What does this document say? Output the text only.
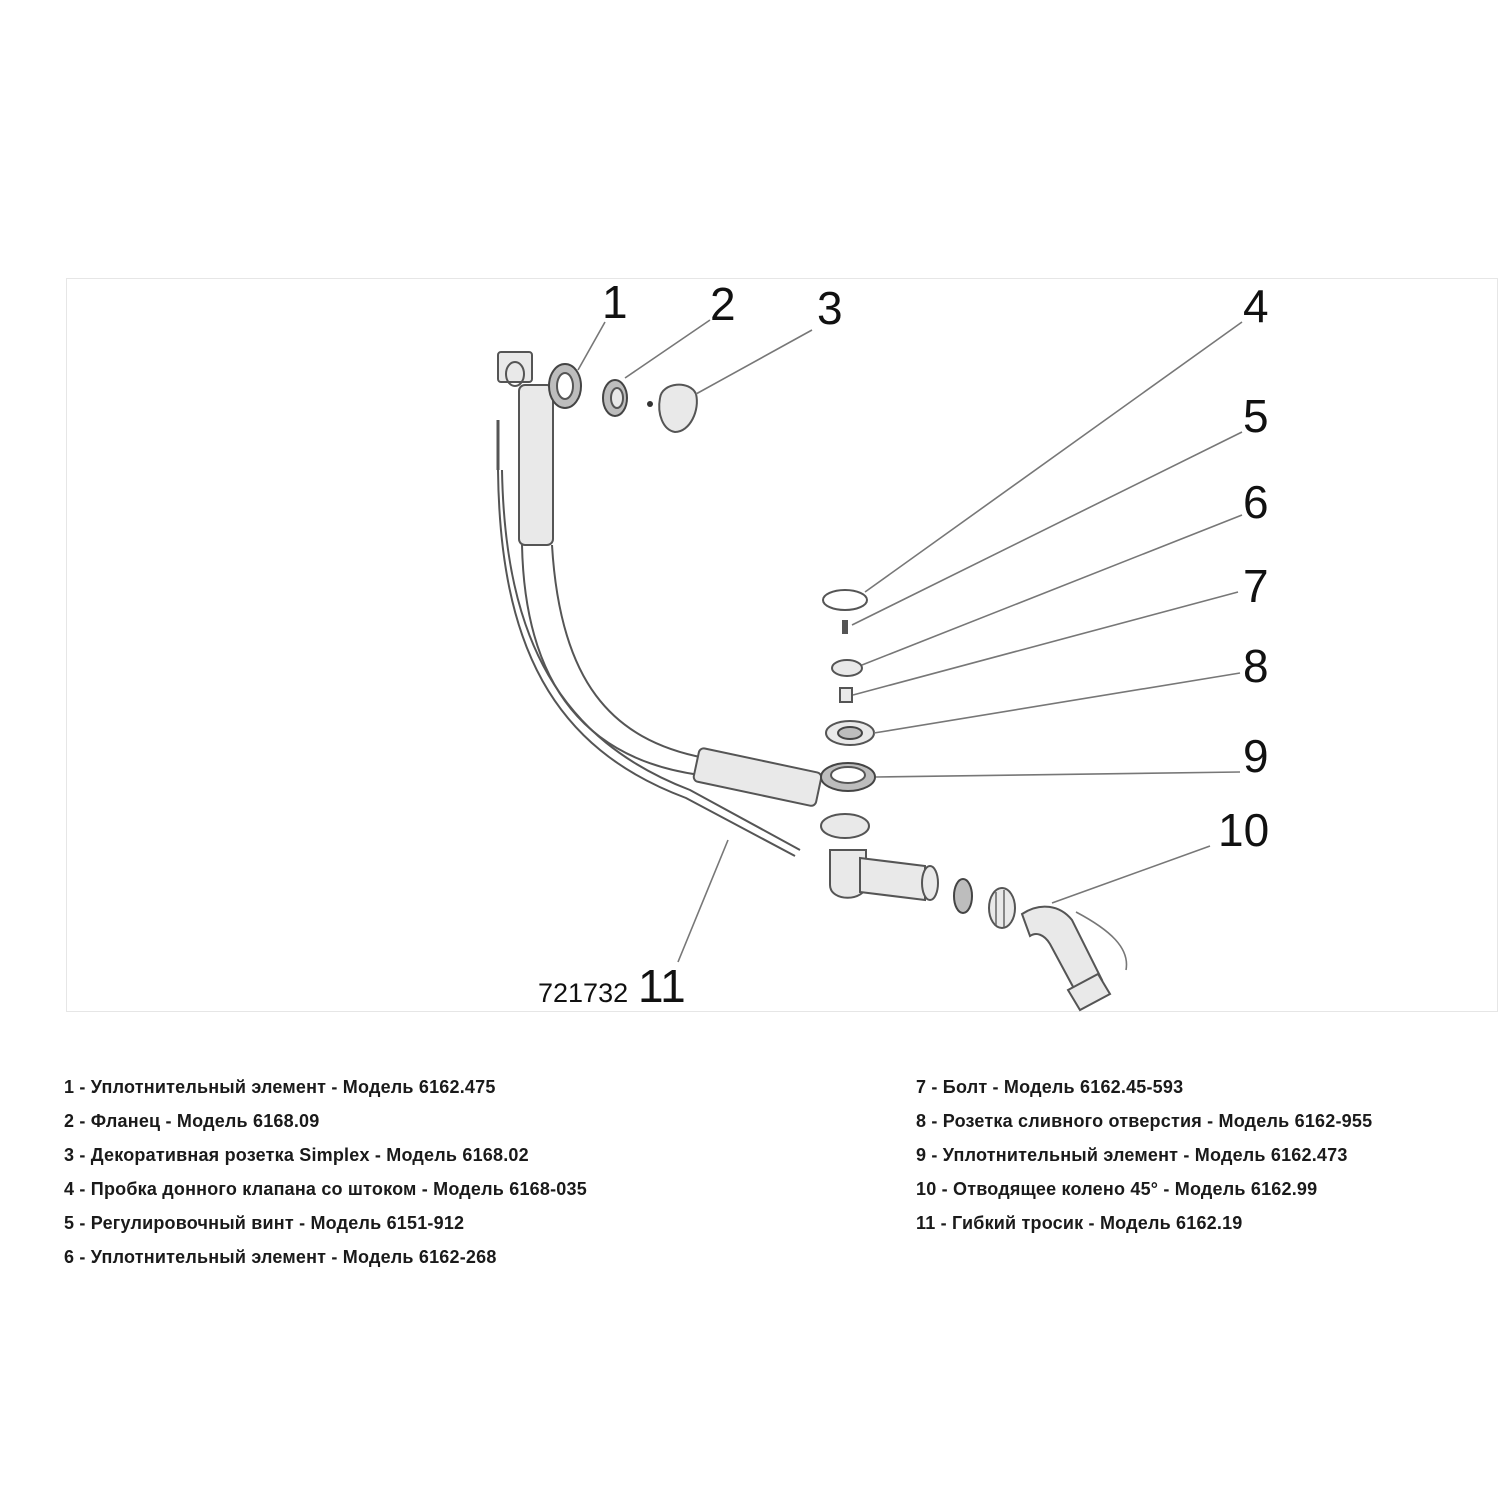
1 2 3	4
5
6
7
8
9
10
11
721732
1 - Уплотнительный элемент - Модель 6162.475
2 - Фланец - Модель 6168.09
3 - Декоративная розетка Simplex - Модель 6168.02
4 - Пробка донного клапана со штоком - Модель 6168-035
5 - Регулировочный винт - Модель 6151-912
6 - Уплотнительный элемент - Модель 6162-268
7 - Болт - Модель 6162.45-593
8 - Розетка сливного отверстия - Модель 6162-955
9 - Уплотнительный элемент - Модель 6162.473
10 - Отводящее колено 45° - Модель 6162.99
11 - Гибкий тросик - Модель 6162.19
